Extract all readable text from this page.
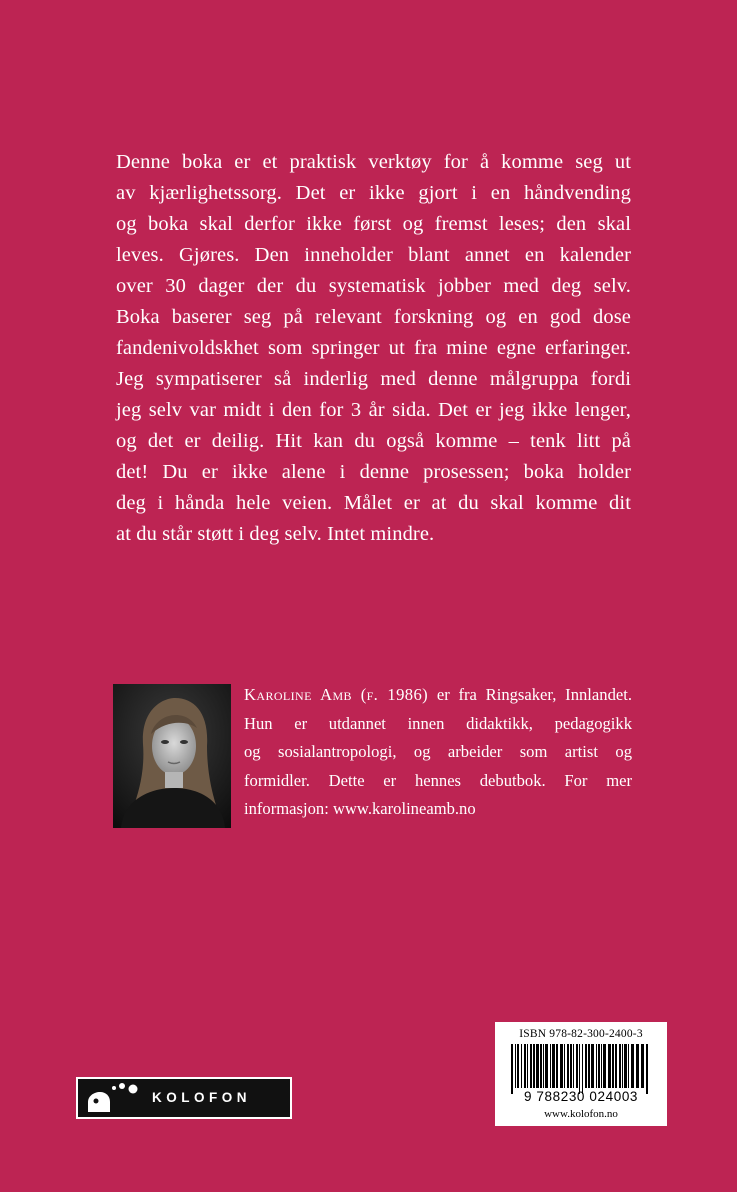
Denne boka er et praktisk verktøy for å komme seg ut
av kjærlighetssorg. Det er ikke gjort i en håndvending
og boka skal derfor ikke først og fremst leses; den skal
leves. Gjøres. Den inneholder blant annet en kalender
over 30 dager der du systematisk jobber med deg selv.
Boka baserer seg på relevant forskning og en god dose
fandenivoldskhet som springer ut fra mine egne erfaringer.
Jeg sympatiserer så inderlig med denne målgruppa fordi
jeg selv var midt i den for 3 år sida. Det er jeg ikke lenger,
og det er deilig. Hit kan du også komme – tenk litt på
det! Du er ikke alene i denne prosessen; boka holder
deg i hånda hele veien. Målet er at du skal komme dit
at du står støtt i deg selv. Intet mindre.
Karoline Amb (f. 1986) er fra Ringsaker, Innlandet.
Hun er utdannet innen didaktikk, pedagogikk
og sosialantropologi, og arbeider som artist og
formidler. Dette er hennes debutbok. For mer
informasjon: www.karolineamb.no
KOLOFON
ISBN 978-82-300-2400-3
9 788230 024003
www.kolofon.no
